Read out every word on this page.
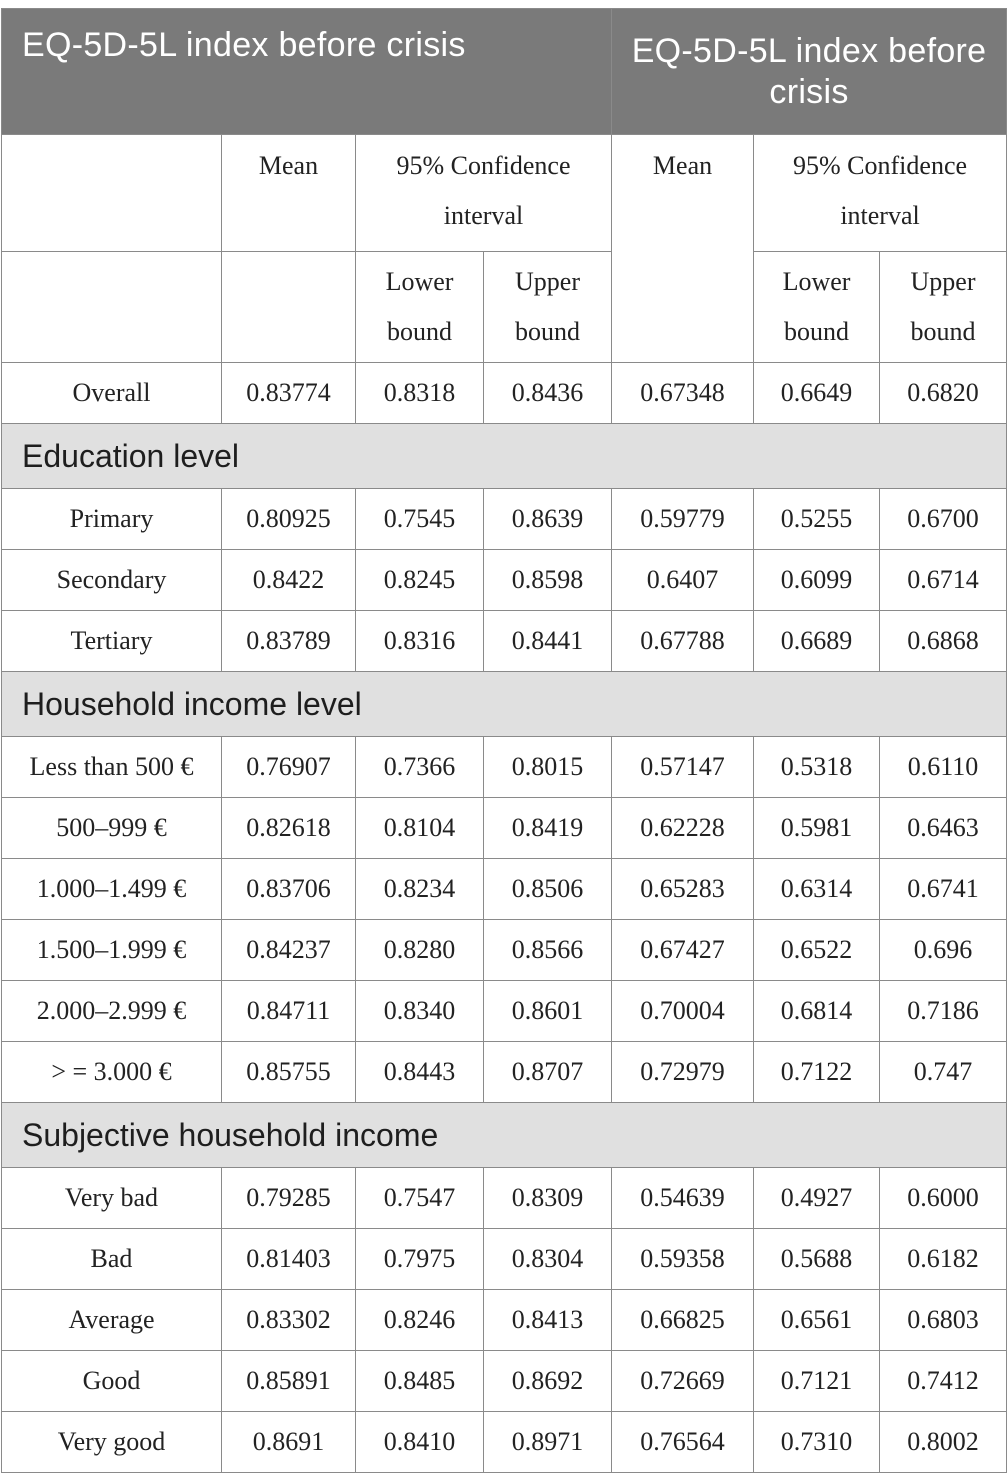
EQ-5D-5L index before crisis				EQ-5D-5L index before crisis		
	Mean	95% Confidence interval		Mean	95% Confidence interval	
		Lower bound	Upper bound		Lower bound	Upper bound
Overall	0.83774	0.8318	0.8436	0.67348	0.6649	0.6820
Education level						
Primary	0.80925	0.7545	0.8639	0.59779	0.5255	0.6700
Secondary	0.8422	0.8245	0.8598	0.6407	0.6099	0.6714
Tertiary	0.83789	0.8316	0.8441	0.67788	0.6689	0.6868
Household income level						
Less than 500 €	0.76907	0.7366	0.8015	0.57147	0.5318	0.6110
500–999 €	0.82618	0.8104	0.8419	0.62228	0.5981	0.6463
1.000–1.499 €	0.83706	0.8234	0.8506	0.65283	0.6314	0.6741
1.500–1.999 €	0.84237	0.8280	0.8566	0.67427	0.6522	0.696
2.000–2.999 €	0.84711	0.8340	0.8601	0.70004	0.6814	0.7186
> = 3.000 €	0.85755	0.8443	0.8707	0.72979	0.7122	0.747
Subjective household income						
Very bad	0.79285	0.7547	0.8309	0.54639	0.4927	0.6000
Bad	0.81403	0.7975	0.8304	0.59358	0.5688	0.6182
Average	0.83302	0.8246	0.8413	0.66825	0.6561	0.6803
Good	0.85891	0.8485	0.8692	0.72669	0.7121	0.7412
Very good	0.8691	0.8410	0.8971	0.76564	0.7310	0.8002
